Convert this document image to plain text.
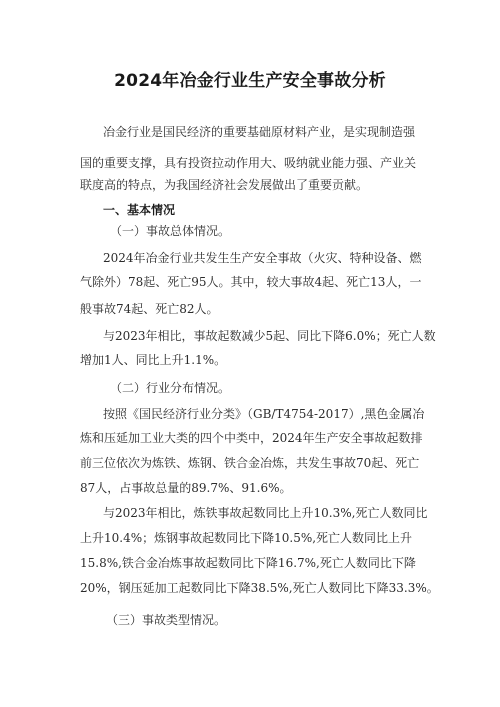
2024年冶金行业生产安全事故分析
冶金行业是国民经济的重要基础原材料产业，是实现制造强
国的重要支撑，具有投资拉动作用大、吸纳就业能力强、产业关
联度高的特点，为我国经济社会发展做出了重要贡献。
一、基本情况
（一）事故总体情况。
2024年冶金行业共发生生产安全事故（火灾、特种设备、燃
气除外）78起、死亡95人。其中，较大事故4起、死亡13人，一
般事故74起、死亡82人。
与2023年相比，事故起数减少5起、同比下降6.0%；死亡人数
增加1人、同比上升1.1%。
（二）行业分布情况。
按照《国民经济行业分类》（GB/T4754-2017）,黑色金属冶
炼和压延加工业大类的四个中类中，2024年生产安全事故起数排
前三位依次为炼铁、炼钢、铁合金冶炼，共发生事故70起、死亡
87人，占事故总量的89.7%、91.6%。
与2023年相比，炼铁事故起数同比上升10.3%,死亡人数同比
上升10.4%；炼钢事故起数同比下降10.5%,死亡人数同比上升
15.8%,铁合金冶炼事故起数同比下降16.7%,死亡人数同比下降
20%，钢压延加工起数同比下降38.5%,死亡人数同比下降33.3%。
（三）事故类型情况。
